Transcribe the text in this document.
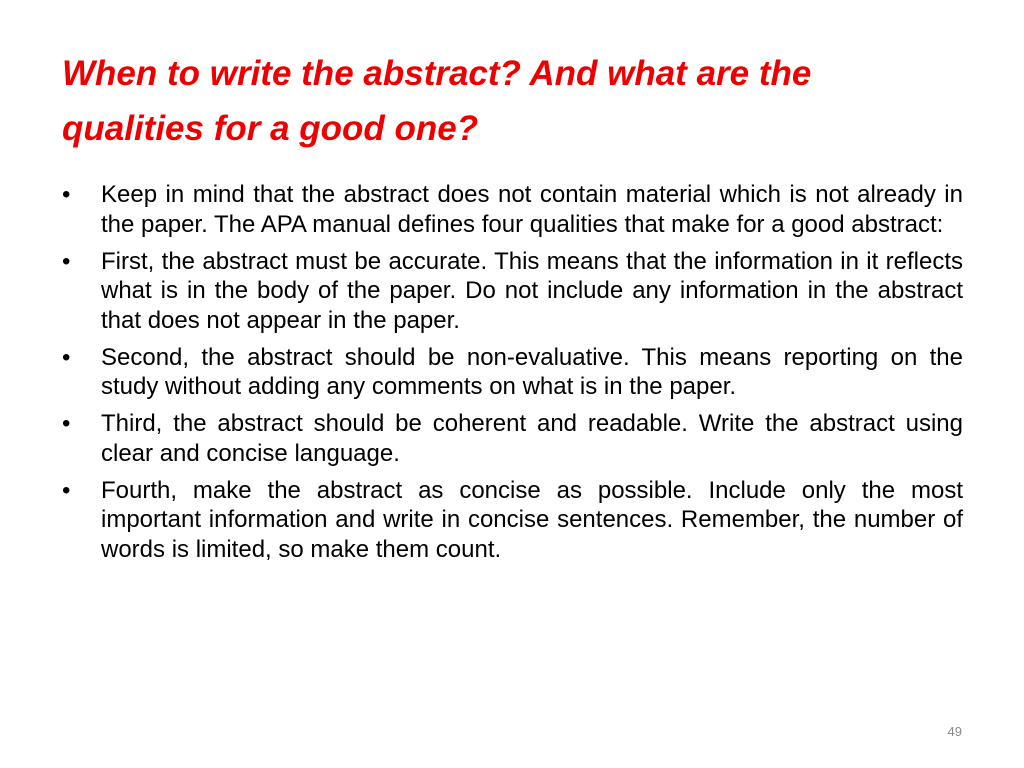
When to write the abstract? And what are the qualities for a good one?
•	Keep in mind that the abstract does not contain material which is not already in the paper. The APA manual defines four qualities that make for a good abstract:
•	First, the abstract must be accurate. This means that the information in it reflects what is in the body of the paper. Do not include any information in the abstract that does not appear in the paper.
•	Second, the abstract should be non-evaluative. This means reporting on the study without adding any comments on what is in the paper.
•	Third, the abstract should be coherent and readable. Write the abstract using clear and concise language.
•	Fourth, make the abstract as concise as possible. Include only the most important information and write in concise sentences. Remember, the number of words is limited, so make them count.
49
